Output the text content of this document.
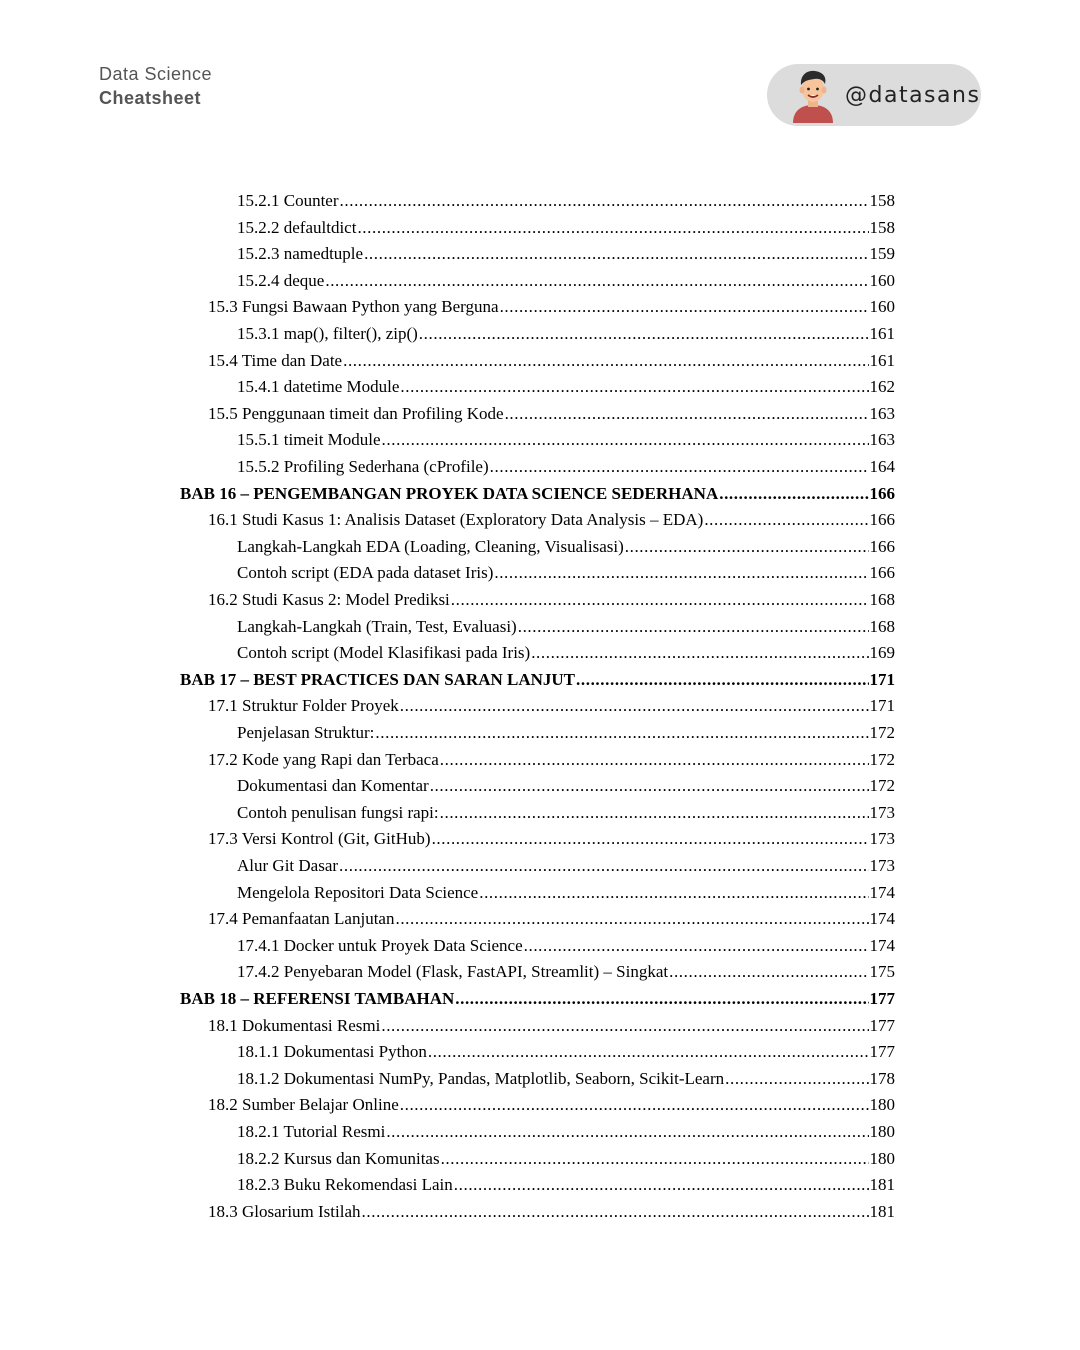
Data Science
Cheatsheet	@datasans
15.2.1 Counter .....	158
15.2.2 defaultdict .....	158
15.2.3 namedtuple .....	159
15.2.4 deque .....	160
15.3 Fungsi Bawaan Python yang Berguna .....	160
15.3.1 map(), filter(), zip() .....	161
15.4 Time dan Date .....	161
15.4.1 datetime Module .....	162
15.5 Penggunaan timeit dan Profiling Kode .....	163
15.5.1 timeit Module .....	163
15.5.2 Profiling Sederhana (cProfile) .....	164
BAB 16 – PENGEMBANGAN PROYEK DATA SCIENCE SEDERHANA .....	166
16.1 Studi Kasus 1: Analisis Dataset (Exploratory Data Analysis – EDA) .....	166
Langkah-Langkah EDA (Loading, Cleaning, Visualisasi) .....	166
Contoh script (EDA pada dataset Iris) .....	166
16.2 Studi Kasus 2: Model Prediksi .....	168
Langkah-Langkah (Train, Test, Evaluasi) .....	168
Contoh script (Model Klasifikasi pada Iris) .....	169
BAB 17 – BEST PRACTICES DAN SARAN LANJUT .....	171
17.1 Struktur Folder Proyek .....	171
Penjelasan Struktur: .....	172
17.2 Kode yang Rapi dan Terbaca .....	172
Dokumentasi dan Komentar .....	172
Contoh penulisan fungsi rapi: .....	173
17.3 Versi Kontrol (Git, GitHub) .....	173
Alur Git Dasar .....	173
Mengelola Repositori Data Science .....	174
17.4 Pemanfaatan Lanjutan .....	174
17.4.1 Docker untuk Proyek Data Science .....	174
17.4.2 Penyebaran Model (Flask, FastAPI, Streamlit) – Singkat .....	175
BAB 18 – REFERENSI TAMBAHAN .....	177
18.1 Dokumentasi Resmi .....	177
18.1.1 Dokumentasi Python .....	177
18.1.2 Dokumentasi NumPy, Pandas, Matplotlib, Seaborn, Scikit-Learn .....	178
18.2 Sumber Belajar Online .....	180
18.2.1 Tutorial Resmi .....	180
18.2.2 Kursus dan Komunitas .....	180
18.2.3 Buku Rekomendasi Lain .....	181
18.3 Glosarium Istilah .....	181
